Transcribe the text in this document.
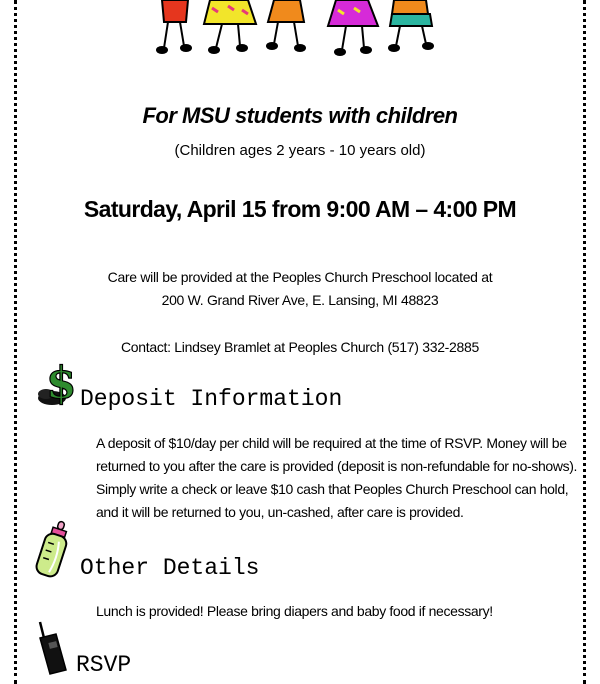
For MSU students with children
(Children ages 2 years - 10 years old)
Saturday, April 15 from 9:00 AM – 4:00 PM
Care will be provided at the Peoples Church Preschool located at
200 W. Grand River Ave, E. Lansing, MI 48823
Contact: Lindsey Bramlet at Peoples Church (517) 332-2885
$ Deposit Information
A deposit of $10/day per child will be required at the time of RSVP. Money will be returned to you after the care is provided (deposit is non-refundable for no-shows). Simply write a check or leave $10 cash that Peoples Church Preschool can hold, and it will be returned to you, un-cashed, after care is provided.
Other Details
Lunch is provided! Please bring diapers and baby food if necessary!
RSVP
